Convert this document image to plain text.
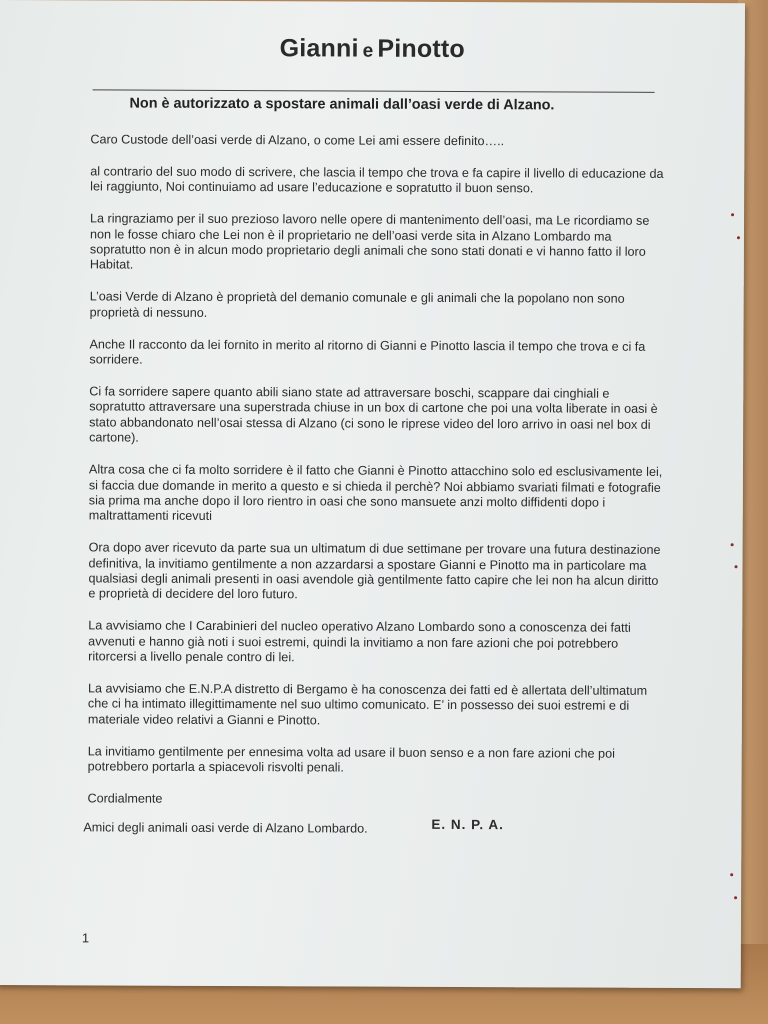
Gianni e Pinotto
Non è autorizzato a spostare animali dall’oasi verde di Alzano.

Caro Custode dell’oasi verde di Alzano, o come Lei ami essere definito…..

al contrario del suo modo di scrivere, che lascia il tempo che trova e fa capire il livello di educazione da lei raggiunto, Noi continuiamo ad usare l’educazione e sopratutto il buon senso.

La ringraziamo per il suo prezioso lavoro nelle opere di mantenimento dell’oasi, ma Le ricordiamo se non le fosse chiaro che Lei non è il proprietario ne dell’oasi verde sita in Alzano Lombardo ma sopratutto non è in alcun modo proprietario degli animali che sono stati donati e vi hanno fatto il loro Habitat.

L’oasi Verde di Alzano è proprietà del demanio comunale e gli animali che la popolano non sono proprietà di nessuno.

Anche Il racconto da lei fornito in merito al ritorno di Gianni e Pinotto lascia il tempo che trova e ci fa sorridere.

Ci fa sorridere sapere quanto abili siano state ad attraversare boschi, scappare dai cinghiali e sopratutto attraversare una superstrada chiuse in un box di cartone che poi una volta liberate in oasi è stato abbandonato nell’osai stessa di Alzano (ci sono le riprese video del loro arrivo in oasi nel box di cartone).

Altra cosa che ci fa molto sorridere è il fatto che Gianni è Pinotto attacchino solo ed esclusivamente lei, si faccia due domande in merito a questo e si chieda il perchè? Noi abbiamo svariati filmati e fotografie sia prima ma anche dopo il loro rientro in oasi che sono mansuete anzi molto diffidenti dopo i maltrattamenti ricevuti

Ora dopo aver ricevuto da parte sua un ultimatum di due settimane per trovare una futura destinazione definitiva, la invitiamo gentilmente a non azzardarsi a spostare Gianni e Pinotto ma in particolare ma qualsiasi degli animali presenti in oasi avendole già gentilmente fatto capire che lei non ha alcun diritto e proprietà di decidere del loro futuro.

La avvisiamo che I Carabinieri del nucleo operativo Alzano Lombardo sono a conoscenza dei fatti avvenuti e hanno già noti i suoi estremi, quindi la invitiamo a non fare azioni che poi potrebbero ritorcersi a livello penale contro di lei.

La avvisiamo che E.N.P.A distretto di Bergamo è ha conoscenza dei fatti ed è allertata dell’ultimatum che ci ha intimato illegittimamente nel suo ultimo comunicato. E’ in possesso dei suoi estremi e di materiale video relativi a Gianni e Pinotto.

La invitiamo gentilmente per ennesima volta ad usare il buon senso e a non fare azioni che poi potrebbero portarla a spiacevoli risvolti penali.

Cordialmente

Amici degli animali oasi verde di Alzano Lombardo.	E. N. P. A.
1
